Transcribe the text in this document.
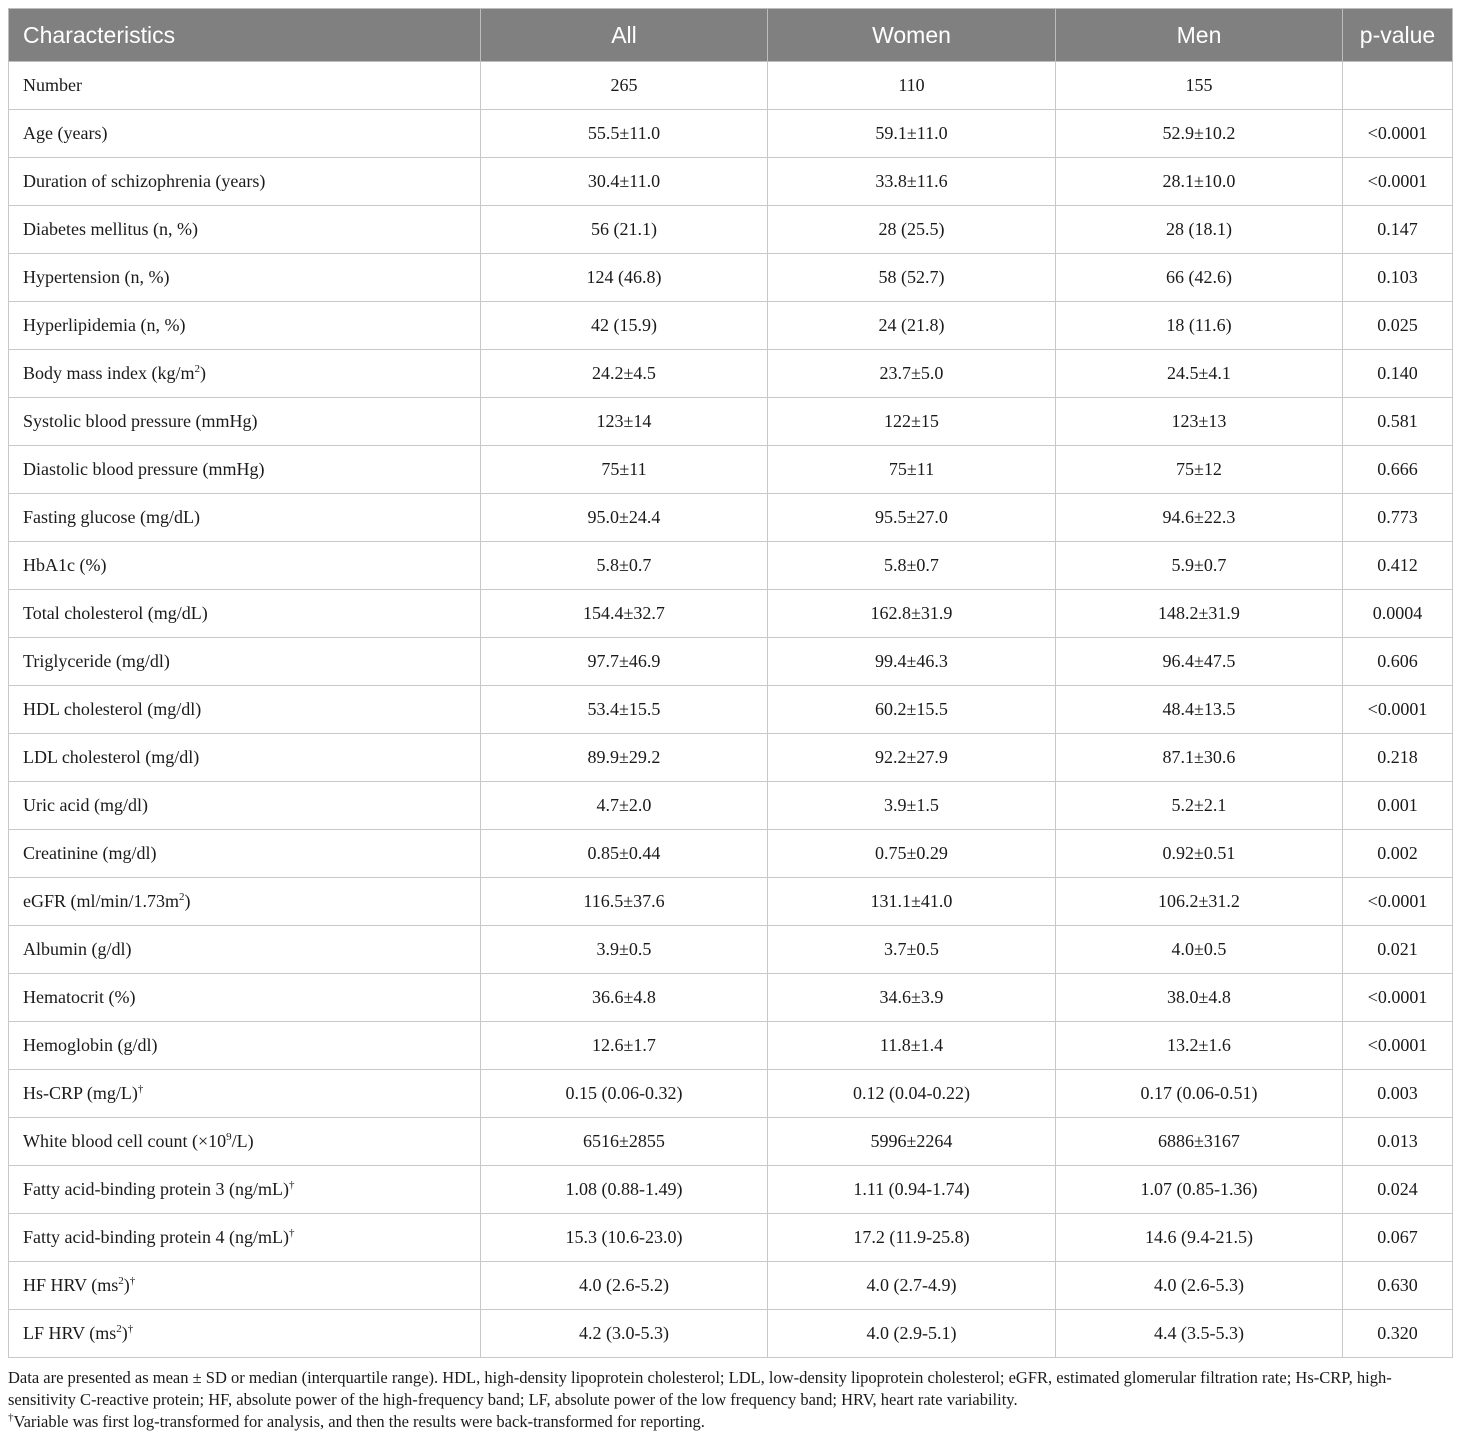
Characteristics	All	Women	Men	p-value
Number	265	110	155	
Age (years)	55.5±11.0	59.1±11.0	52.9±10.2	<0.0001
Duration of schizophrenia (years)	30.4±11.0	33.8±11.6	28.1±10.0	<0.0001
Diabetes mellitus (n, %)	56 (21.1)	28 (25.5)	28 (18.1)	0.147
Hypertension (n, %)	124 (46.8)	58 (52.7)	66 (42.6)	0.103
Hyperlipidemia (n, %)	42 (15.9)	24 (21.8)	18 (11.6)	0.025
Body mass index $(kg/m^2)$	24.2±4.5	23.7±5.0	24.5±4.1	0.140
Systolic blood pressure (mmHg)	123±14	122±15	123±13	0.581
Diastolic blood pressure (mmHg)	75±11	75±11	75±12	0.666
Fasting glucose (mg/dL)	95.0±24.4	95.5±27.0	94.6±22.3	0.773
HbA1c (%)	5.8±0.7	5.8±0.7	5.9±0.7	0.412
Total cholesterol (mg/dL)	154.4±32.7	162.8±31.9	148.2±31.9	0.0004
Triglyceride (mg/dl)	97.7±46.9	99.4±46.3	96.4±47.5	0.606
HDL cholesterol (mg/dl)	53.4±15.5	60.2±15.5	48.4±13.5	<0.0001
LDL cholesterol (mg/dl)	89.9±29.2	92.2±27.9	87.1±30.6	0.218
Uric acid (mg/dl)	4.7±2.0	3.9±1.5	5.2±2.1	0.001
Creatinine (mg/dl)	0.85±0.44	0.75±0.29	0.92±0.51	0.002
eGFR $(ml/\min/1.73m^2)$	116.5±37.6	131.1±41.0	106.2±31.2	<0.0001
Albumin (g/dl)	3.9±0.5	3.7±0.5	4.0±0.5	0.021
Hematocrit (%)	36.6±4.8	34.6±3.9	38.0±4.8	<0.0001
Hemoglobin (g/dl)	12.6±1.7	11.8±1.4	13.2±1.6	<0.0001
Hs-CRP (mg/L)†	0.15 (0.06-0.32)	0.12 (0.04-0.22)	0.17 (0.06-0.51)	0.003
White blood cell count $(\times 10^9/L)$	6516±2855	5996±2264	6886±3167	0.013
Fatty acid-binding protein 3 (ng/mL)†	1.08 (0.88-1.49)	1.11 (0.94-1.74)	1.07 (0.85-1.36)	0.024
Fatty acid-binding protein 4 (ng/mL)†	15.3 (10.6-23.0)	17.2 (11.9-25.8)	14.6 (9.4-21.5)	0.067
HF HRV $(ms^2)^\dagger$	4.0 (2.6-5.2)	4.0 (2.7-4.9)	4.0 (2.6-5.3)	0.630
LF HRV $(ms^2)^\dagger$	4.2 (3.0-5.3)	4.0 (2.9-5.1)	4.4 (3.5-5.3)	0.320

Data are presented as mean ± SD or median (interquartile range). HDL, high-density lipoprotein cholesterol; LDL, low-density lipoprotein cholesterol; eGFR, estimated glomerular filtration rate; Hs-CRP, high-sensitivity C-reactive protein; HF, absolute power of the high-frequency band; LF, absolute power of the low frequency band; HRV, heart rate variability.

†Variable was first log-transformed for analysis, and then the results were back-transformed for reporting.
